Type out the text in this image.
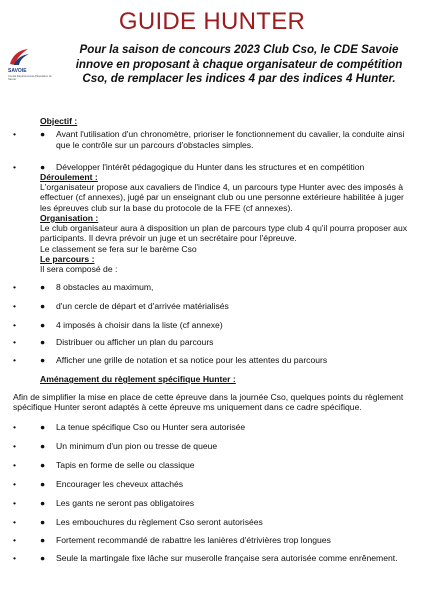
GUIDE HUNTER
SAVOIE
Comité Départemental d'Équitation de Savoie
Pour la saison de concours 2023 Club Cso, le CDE Savoie innove en proposant à chaque organisateur de compétition Cso, de remplacer les indices 4 par des indices 4 Hunter.
Objectif :
•	● Avant l'utilisation d'un chronomètre, prioriser le fonctionnement du cavalier, la conduite ainsi que le contrôle sur un parcours d'obstacles simples.
•	● Développer l'intérêt pédagogique du Hunter dans les structures et en compétition
Déroulement :
L'organisateur propose aux cavaliers de l'indice 4, un parcours type Hunter avec des imposés à effectuer (cf annexes), jugé par un enseignant club ou une personne extérieure habilitée à juger les épreuves club sur la base du protocole de la FFE (cf annexes).
Organisation :
Le club organisateur aura à disposition un plan de parcours type club 4 qu'il pourra proposer aux participants. Il devra prévoir un juge et un secrétaire pour l'épreuve.
Le classement se fera sur le barème Cso
Le parcours :
Il sera composé de :
•	● 8 obstacles au maximum,
•	● d'un cercle de départ et d'arrivée matérialisés
•	● 4 imposés à choisir dans la liste (cf annexe)
•	● Distribuer ou afficher un plan du parcours
•	● Afficher une grille de notation et sa notice pour les attentes du parcours
Aménagement du règlement spécifique Hunter :
Afin de simplifier la mise en place de cette épreuve dans la journée Cso, quelques points du règlement spécifique Hunter seront adaptés à cette épreuve ms uniquement dans ce cadre spécifique.
•	● La tenue spécifique Cso ou Hunter sera autorisée
•	● Un minimum d'un pion ou tresse de queue
•	● Tapis en forme de selle ou classique
•	● Encourager les cheveux attachés
•	● Les gants ne seront pas obligatoires
•	● Les embouchures du règlement Cso seront autorisées
•	● Fortement recommandé de rabattre les lanières d'étrivières trop longues
•	● Seule la martingale fixe lâche sur muserolle française sera autorisée comme enrênement.
